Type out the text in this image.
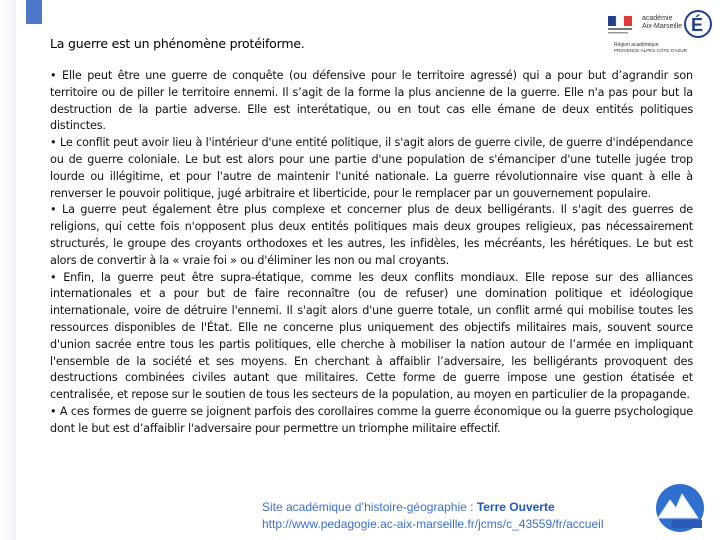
académie
Aix-Marseille É
Région académique
PROVENCE-ALPES-CÔTE D'AZUR
La guerre est un phénomène protéiforme.

• Elle peut être une guerre de conquête (ou défensive pour le territoire agressé) qui a pour but d’agrandir son territoire ou de piller le territoire ennemi. Il s’agit de la forme la plus ancienne de la guerre. Elle n'a pas pour but la destruction de la partie adverse. Elle est interétatique, ou en tout cas elle émane de deux entités politiques distinctes.

• Le conflit peut avoir lieu à l'intérieur d'une entité politique, il s'agit alors de guerre civile, de guerre d'indépendance ou de guerre coloniale. Le but est alors pour une partie d'une population de s'émanciper d'une tutelle jugée trop lourde ou illégitime, et pour l'autre de maintenir l'unité nationale. La guerre révolutionnaire vise quant à elle à renverser le pouvoir politique, jugé arbitraire et liberticide, pour le remplacer par un gouvernement populaire.

• La guerre peut également être plus complexe et concerner plus de deux belligérants. Il s'agit des guerres de religions, qui cette fois n'opposent plus deux entités politiques mais deux groupes religieux, pas nécessairement structurés, le groupe des croyants orthodoxes et les autres, les infidèles, les mécréants, les hérétiques. Le but est alors de convertir à la « vraie foi » ou d'éliminer les non ou mal croyants.

• Enfin, la guerre peut être supra-étatique, comme les deux conflits mondiaux. Elle repose sur des alliances internationales et a pour but de faire reconnaître (ou de refuser) une domination politique et idéologique internationale, voire de détruire l'ennemi. Il s'agit alors d'une guerre totale, un conflit armé qui mobilise toutes les ressources disponibles de l'État. Elle ne concerne plus uniquement des objectifs militaires mais, souvent source d'union sacrée entre tous les partis politiques, elle cherche à mobiliser la nation autour de l’armée en impliquant l'ensemble de la société et ses moyens. En cherchant à affaiblir l’adversaire, les belligérants provoquent des destructions combinées civiles autant que militaires. Cette forme de guerre impose une gestion étatisée et centralisée, et repose sur le soutien de tous les secteurs de la population, au moyen en particulier de la propagande.

• A ces formes de guerre se joignent parfois des corollaires comme la guerre économique ou la guerre psychologique dont le but est d’affaiblir l'adversaire pour permettre un triomphe militaire effectif.

Site académique d’histoire-géographie : Terre Ouverte
http://www.pedagogie.ac-aix-marseille.fr/jcms/c_43559/fr/accueil
